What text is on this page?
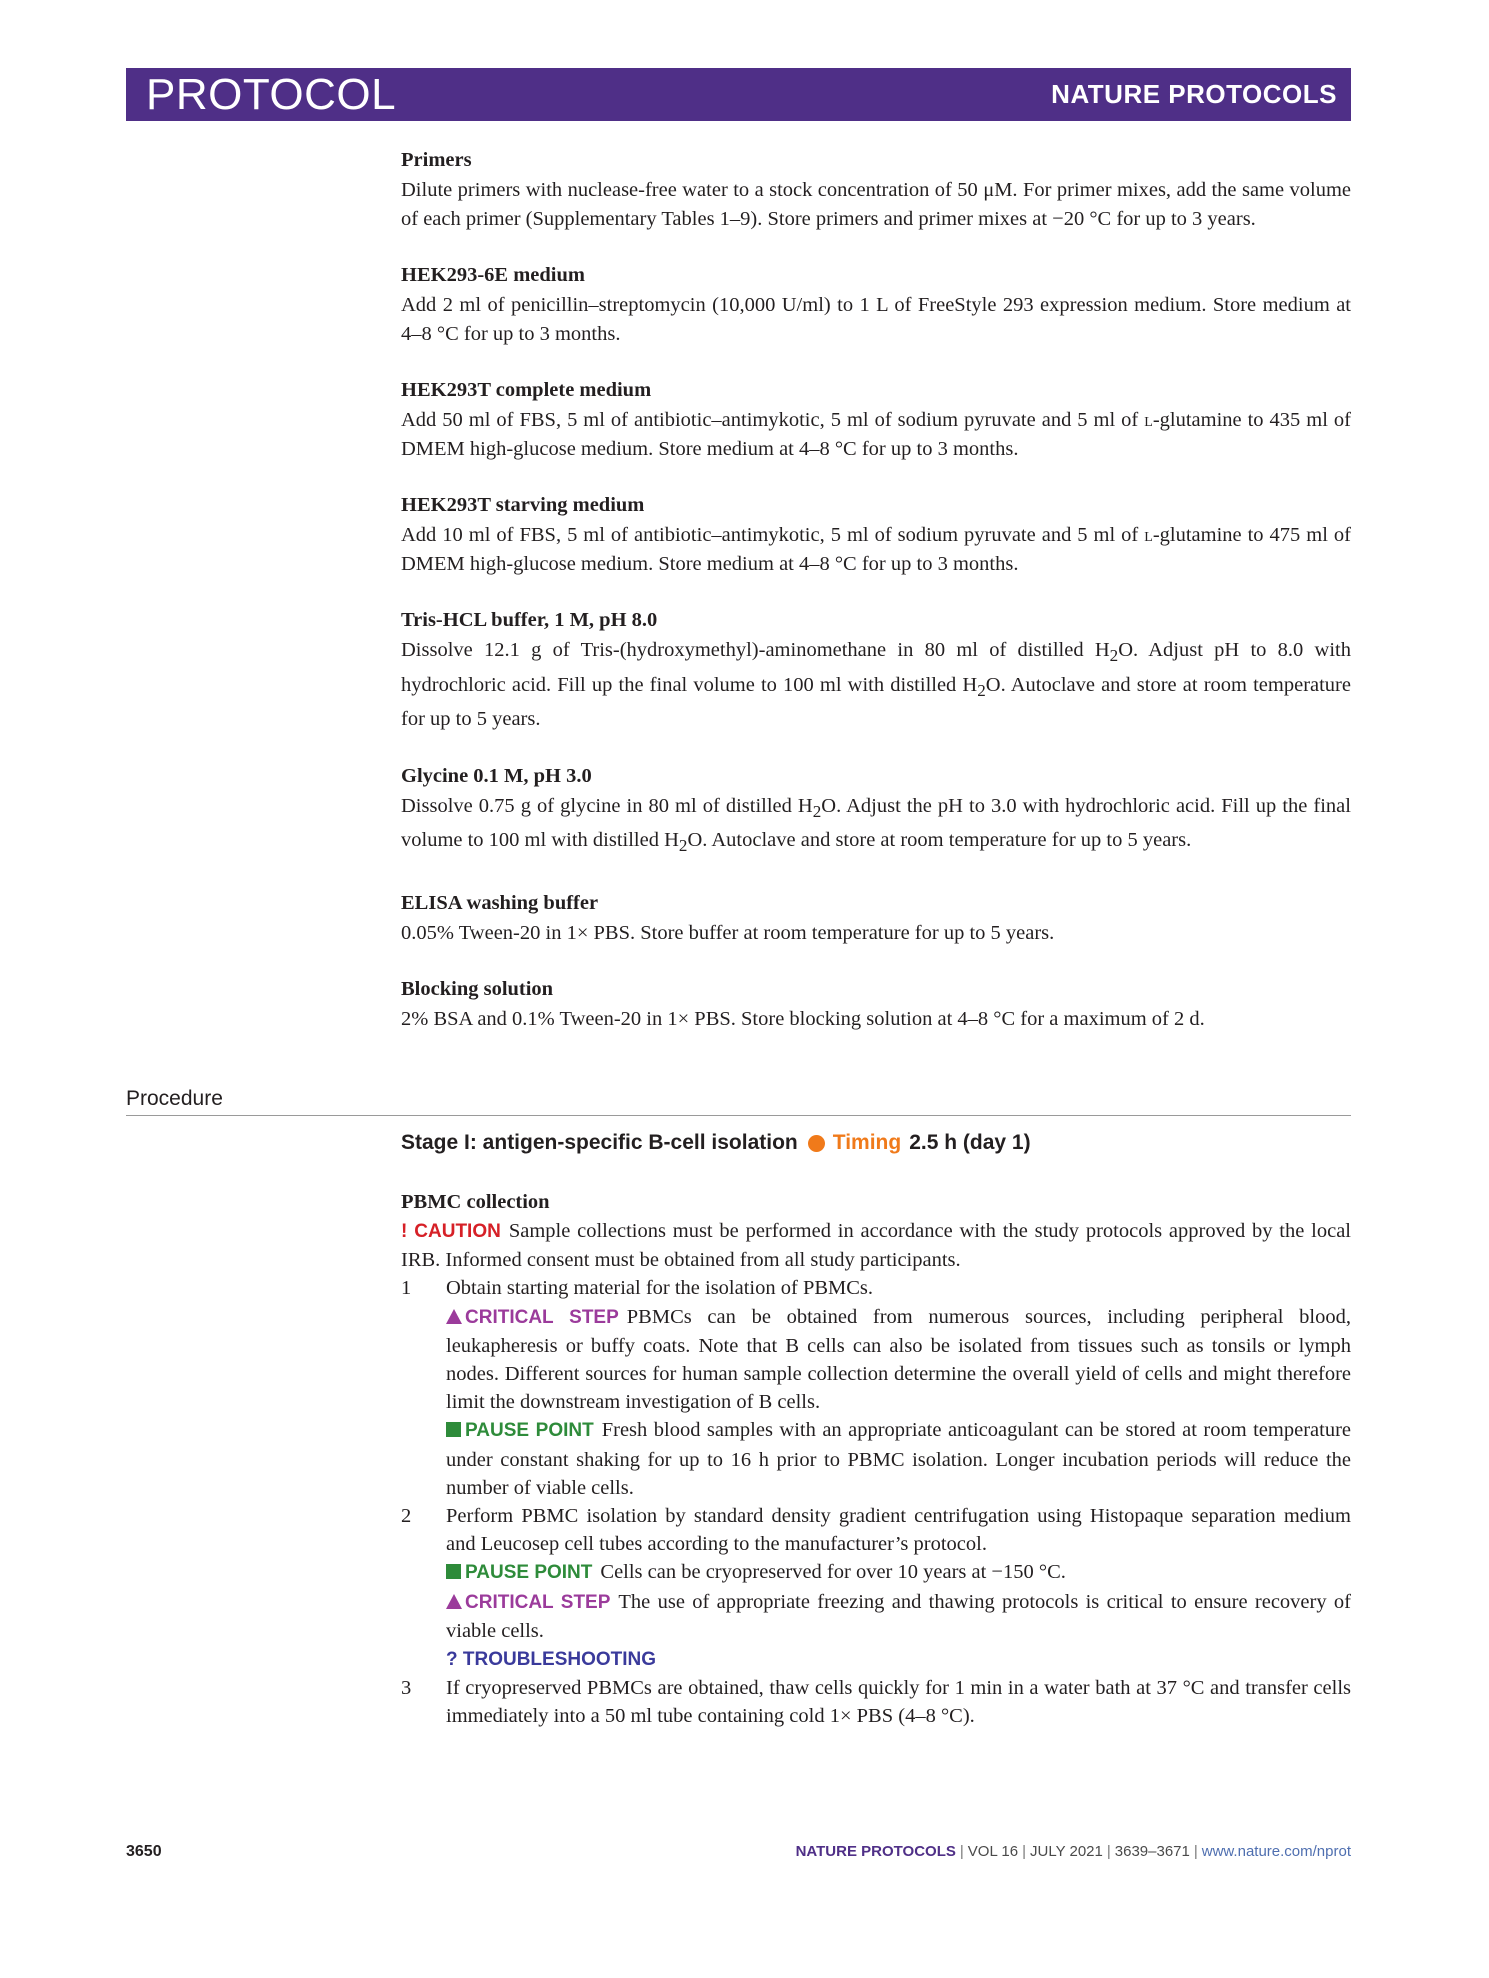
PROTOCOL	NATURE PROTOCOLS
Primers

Dilute primers with nuclease-free water to a stock concentration of 50 μM. For primer mixes, add the same volume of each primer (Supplementary Tables 1–9). Store primers and primer mixes at −20 °C for up to 3 years.

HEK293-6E medium

Add 2 ml of penicillin–streptomycin (10,000 U/ml) to 1 L of FreeStyle 293 expression medium. Store medium at 4–8 °C for up to 3 months.

HEK293T complete medium

Add 50 ml of FBS, 5 ml of antibiotic–antimykotic, 5 ml of sodium pyruvate and 5 ml of l-glutamine to 435 ml of DMEM high-glucose medium. Store medium at 4–8 °C for up to 3 months.

HEK293T starving medium

Add 10 ml of FBS, 5 ml of antibiotic–antimykotic, 5 ml of sodium pyruvate and 5 ml of l-glutamine to 475 ml of DMEM high-glucose medium. Store medium at 4–8 °C for up to 3 months.

Tris-HCL buffer, 1 M, pH 8.0

Dissolve 12.1 g of Tris-(hydroxymethyl)-aminomethane in 80 ml of distilled $H_2O$. Adjust pH to 8.0 with hydrochloric acid. Fill up the final volume to 100 ml with distilled $H_2O$. Autoclave and store at room temperature for up to 5 years.

Glycine 0.1 M, pH 3.0

Dissolve 0.75 g of glycine in 80 ml of distilled $H_2O$. Adjust the pH to 3.0 with hydrochloric acid. Fill up the final volume to 100 ml with distilled $H_2O$. Autoclave and store at room temperature for up to 5 years.

ELISA washing buffer

0.05% Tween-20 in 1× PBS. Store buffer at room temperature for up to 5 years.

Blocking solution

2% BSA and 0.1% Tween-20 in 1× PBS. Store blocking solution at 4–8 °C for a maximum of 2 d.

Procedure
Stage I: antigen-specific B-cell isolation Timing 2.5 h (day 1)
PBMC collection

! CAUTION Sample collections must be performed in accordance with the study protocols approved by the local IRB. Informed consent must be obtained from all study participants.

1	Obtain starting material for the isolation of PBMCs.

CRITICAL STEP PBMCs can be obtained from numerous sources, including peripheral blood, leukapheresis or buffy coats. Note that B cells can also be isolated from tissues such as tonsils or lymph nodes. Different sources for human sample collection determine the overall yield of cells and might therefore limit the downstream investigation of B cells.

PAUSE POINT Fresh blood samples with an appropriate anticoagulant can be stored at room temperature under constant shaking for up to 16 h prior to PBMC isolation. Longer incubation periods will reduce the number of viable cells.

2	Perform PBMC isolation by standard density gradient centrifugation using Histopaque separation medium and Leucosep cell tubes according to the manufacturer’s protocol.

PAUSE POINT Cells can be cryopreserved for over 10 years at −150 °C.

CRITICAL STEP The use of appropriate freezing and thawing protocols is critical to ensure recovery of viable cells.

? TROUBLESHOOTING

3	If cryopreserved PBMCs are obtained, thaw cells quickly for 1 min in a water bath at 37 °C and transfer cells immediately into a 50 ml tube containing cold 1× PBS (4–8 °C).

3650	NATURE PROTOCOLS | VOL 16 | JULY 2021 | 3639–3671 | www.nature.com/nprot
